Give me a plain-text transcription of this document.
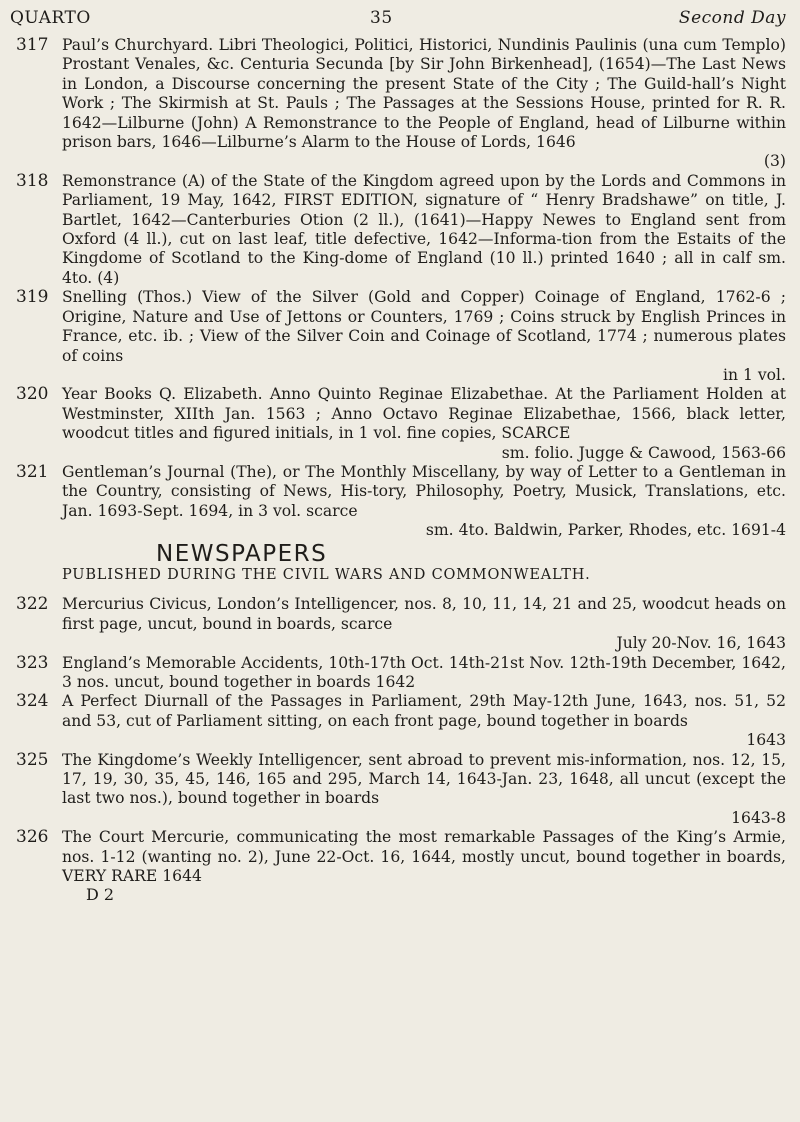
QUARTO	35	Second Day
317 Paul’s Churchyard. Libri Theologici, Politici, Historici, Nundinis Paulinis (una cum Templo) Prostant Venales, &c. Centuria Secunda [by Sir John Birkenhead], (1654)—The Last News in London, a Discourse concerning the present State of the City ; The Guild-hall’s Night Work ; The Skirmish at St. Pauls ; The Passages at the Sessions House, printed for R. R. 1642—Lilburne (John) A Remonstrance to the People of England, head of Lilburne within prison bars, 1646—Lilburne’s Alarm to the House of Lords, 1646

(3)
318 Remonstrance (A) of the State of the Kingdom agreed upon by the Lords and Commons in Parliament, 19 May, 1642, FIRST EDITION, signature of “ Henry Bradshawe” on title, J. Bartlet, 1642—Canterburies Otion (2 ll.), (1641)—Happy Newes to England sent from Oxford (4 ll.), cut on last leaf, title defective, 1642—Informa-tion from the Estaits of the Kingdome of Scotland to the King-dome of England (10 ll.) printed 1640 ; all in calf sm. 4to. (4)

319 Snelling (Thos.) View of the Silver (Gold and Copper) Coinage of England, 1762-6 ; Origine, Nature and Use of Jettons or Counters, 1769 ; Coins struck by English Princes in France, etc. ib. ; View of the Silver Coin and Coinage of Scotland, 1774 ; numerous plates of coins

in 1 vol.
320 Year Books Q. Elizabeth. Anno Quinto Reginae Elizabethae. At the Parliament Holden at Westminster, XIIth Jan. 1563 ; Anno Octavo Reginae Elizabethae, 1566, black letter, woodcut titles and figured initials, in 1 vol. fine copies, SCARCE

sm. folio. Jugge & Cawood, 1563-66
321 Gentleman’s Journal (The), or The Monthly Miscellany, by way of Letter to a Gentleman in the Country, consisting of News, His-tory, Philosophy, Poetry, Musick, Translations, etc. Jan. 1693-Sept. 1694, in 3 vol. scarce

sm. 4to. Baldwin, Parker, Rhodes, etc. 1691-4
NEWSPAPERS
PUBLISHED DURING THE CIVIL WARS AND COMMONWEALTH.
322 Mercurius Civicus, London’s Intelligencer, nos. 8, 10, 11, 14, 21 and 25, woodcut heads on first page, uncut, bound in boards, scarce

July 20-Nov. 16, 1643
323 England’s Memorable Accidents, 10th-17th Oct. 14th-21st Nov. 12th-19th December, 1642, 3 nos. uncut, bound together in boards 1642

324 A Perfect Diurnall of the Passages in Parliament, 29th May-12th June, 1643, nos. 51, 52 and 53, cut of Parliament sitting, on each front page, bound together in boards

1643
325 The Kingdome’s Weekly Intelligencer, sent abroad to prevent mis-information, nos. 12, 15, 17, 19, 30, 35, 45, 146, 165 and 295, March 14, 1643-Jan. 23, 1648, all uncut (except the last two nos.), bound together in boards

1643-8
326 The Court Mercurie, communicating the most remarkable Passages of the King’s Armie, nos. 1-12 (wanting no. 2), June 22-Oct. 16, 1644, mostly uncut, bound together in boards, VERY RARE 1644

D 2
